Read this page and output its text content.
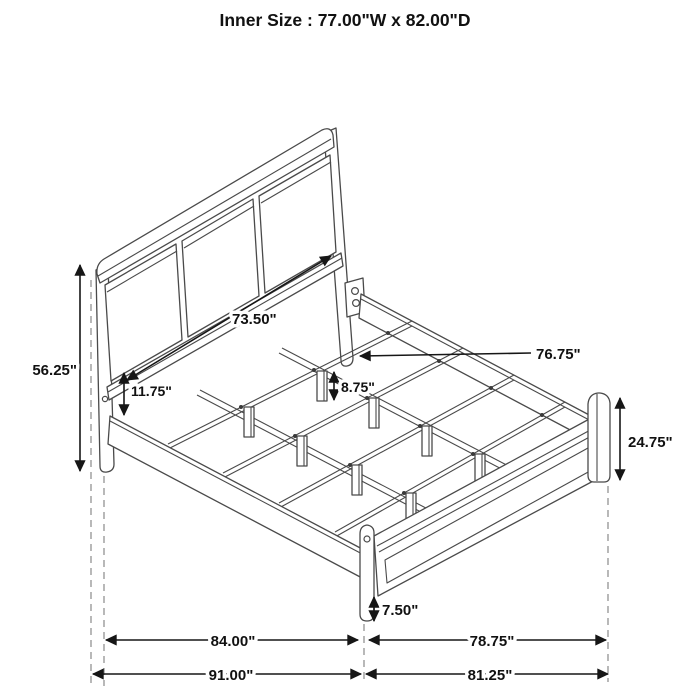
Inner Size : 77.00"W x 82.00"D
56.25"
11.75"
73.50"
8.75"
76.75"
24.75"
7.50"
84.00"	78.75"
91.00"	81.25"
